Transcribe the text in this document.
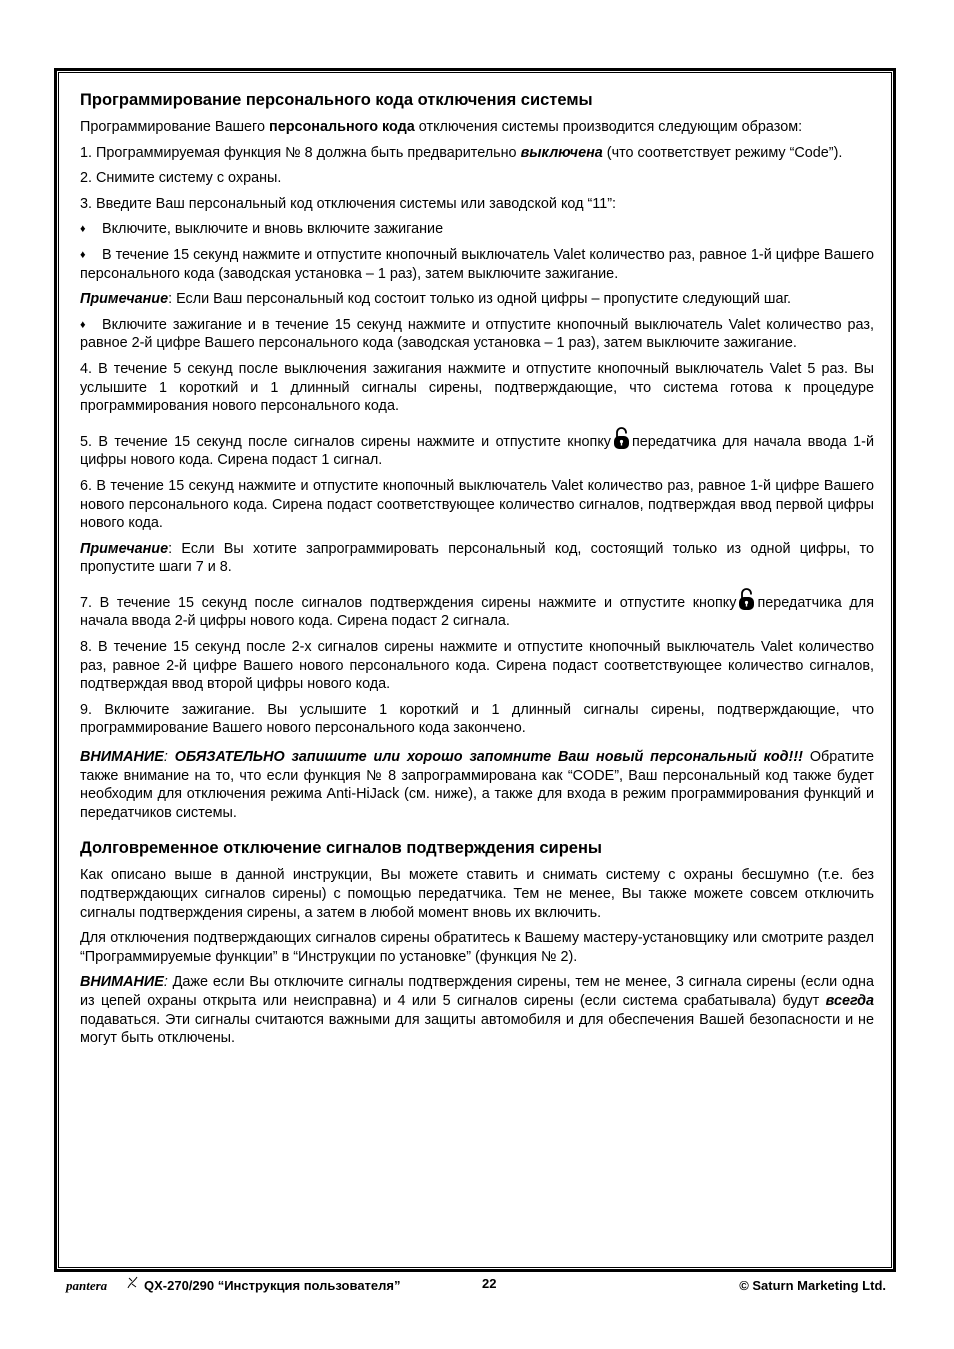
Программирование персонального кода отключения системы

Программирование Вашего персонального кода отключения системы производится следующим образом:

1. Программируемая функция № 8 должна быть предварительно выключена (что соответствует режиму “Code”).

2. Снимите систему с охраны.

3. Введите Ваш персональный код отключения системы или заводской код “11”:

♦ Включите, выключите и вновь включите зажигание

♦ В течение 15 секунд нажмите и отпустите кнопочный выключатель Valet количество раз, равное 1-й цифре Вашего персонального кода (заводская установка – 1 раз), затем выключите зажигание.

Примечание: Если Ваш персональный код состоит только из одной цифры – пропустите следующий шаг.

♦ Включите зажигание и в течение 15 секунд нажмите и отпустите кнопочный выключатель Valet количество раз, равное 2-й цифре Вашего персонального кода (заводская установка – 1 раз), затем выключите зажигание.

4. В течение 5 секунд после выключения зажигания нажмите и отпустите кнопочный выключатель Valet 5 раз. Вы услышите 1 короткий и 1 длинный сигналы сирены, подтверждающие, что система готова к процедуре программирования нового персонального кода.

5. В течение 15 секунд после сигналов сирены нажмите и отпустите кнопку передатчика для начала ввода 1-й цифры нового кода. Сирена подаст 1 сигнал.

6. В течение 15 секунд нажмите и отпустите кнопочный выключатель Valet количество раз, равное 1-й цифре Вашего нового персонального кода. Сирена подаст соответствующее количество сигналов, подтверждая ввод первой цифры нового кода.

Примечание: Если Вы хотите запрограммировать персональный код, состоящий только из одной цифры, то пропустите шаги 7 и 8.

7. В течение 15 секунд после сигналов подтверждения сирены нажмите и отпустите кнопку передатчика для начала ввода 2-й цифры нового кода. Сирена подаст 2 сигнала.

8. В течение 15 секунд после 2-х сигналов сирены нажмите и отпустите кнопочный выключатель Valet количество раз, равное 2-й цифре Вашего нового персонального кода. Сирена подаст соответствующее количество сигналов, подтверждая ввод второй цифры нового кода.

9. Включите зажигание. Вы услышите 1 короткий и 1 длинный сигналы сирены, подтверждающие, что программирование Вашего нового персонального кода закончено.

ВНИМАНИЕ: ОБЯЗАТЕЛЬНО запишите или хорошо запомните Ваш новый персональный код!!! Обратите также внимание на то, что если функция № 8 запрограммирована как “CODE”, Ваш персональный код также будет необходим для отключения режима Anti-HiJack (см. ниже), а также для входа в режим программирования функций и передатчиков системы.

Долговременное отключение сигналов подтверждения сирены

Как описано выше в данной инструкции, Вы можете ставить и снимать систему с охраны бесшумно (т.е. без подтверждающих сигналов сирены) с помощью передатчика. Тем не менее, Вы также можете совсем отключить сигналы подтверждения сирены, а затем в любой момент вновь их включить.

Для отключения подтверждающих сигналов сирены обратитесь к Вашему мастеру-установщику или смотрите раздел “Программируемые функции” в “Инструкции по установке” (функция № 2).

ВНИМАНИЕ: Даже если Вы отключите сигналы подтверждения сирены, тем не менее, 3 сигнала сирены (если одна из цепей охраны открыта или неисправна) и 4 или 5 сигналов сирены (если система срабатывала) будут всегда подаваться. Эти сигналы считаются важными для защиты автомобиля и для обеспечения Вашей безопасности и не могут быть отключены.

pantera	QX-270/290 “Инструкция пользователя”	22	© Saturn Marketing Ltd.
